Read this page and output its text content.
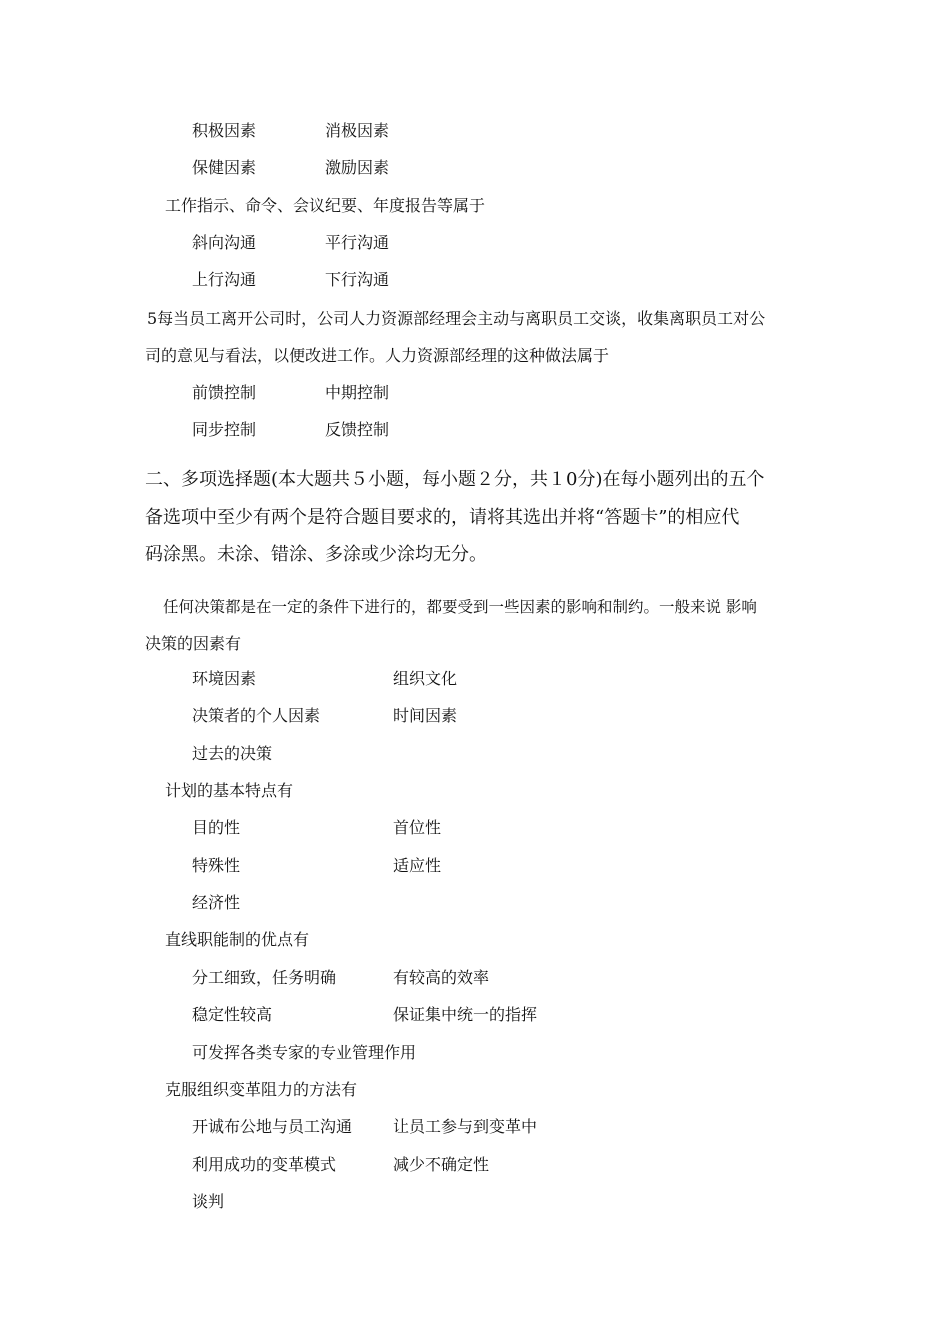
积极因素	消极因素
保健因素	激励因素
工作指示、命令、会议纪要、年度报告等属于
斜向沟通	平行沟通
上行沟通	下行沟通
5每当员工离开公司时，公司人力资源部经理会主动与离职员工交谈，收集离职员工对公
司的意见与看法，以便改进工作。人力资源部经理的这种做法属于
前馈控制	中期控制
同步控制	反馈控制
二、多项选择题(本大题共５小题，每小题２分，共１0分)在每小题列出的五个
备选项中至少有两个是符合题目要求的，请将其选出并将“答题卡”的相应代
码涂黑。未涂、错涂、多涂或少涂均无分。
任何决策都是在一定的条件下进行的，都要受到一些因素的影响和制约。一般来说 影响
决策的因素有
环境因素	组织文化
决策者的个人因素	时间因素
过去的决策
计划的基本特点有
目的性	首位性
特殊性	适应性
经济性
直线职能制的优点有
分工细致，任务明确	有较高的效率
稳定性较高	保证集中统一的指挥
可发挥各类专家的专业管理作用
克服组织变革阻力的方法有
开诚布公地与员工沟通	让员工参与到变革中
利用成功的变革模式	减少不确定性
谈判
